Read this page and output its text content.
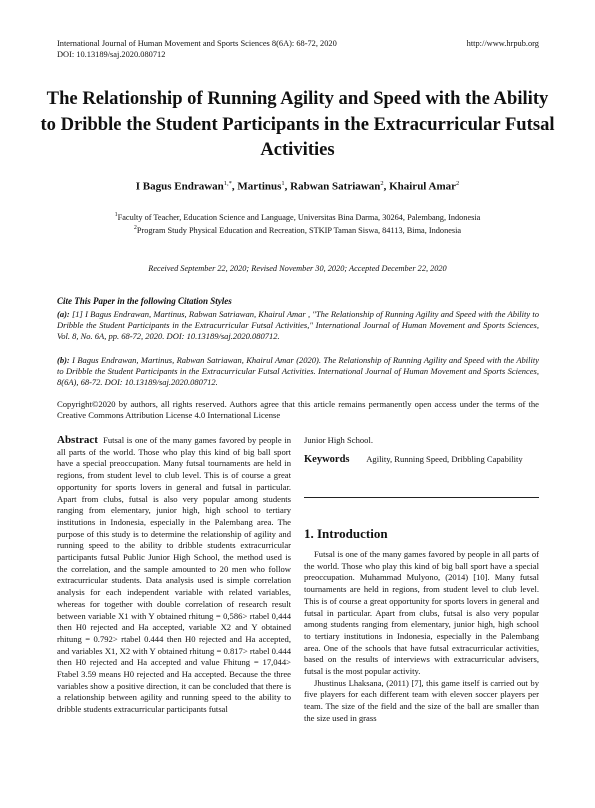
International Journal of Human Movement and Sports Sciences 8(6A): 68-72, 2020
DOI: 10.13189/saj.2020.080712
http://www.hrpub.org
The Relationship of Running Agility and Speed with the Ability to Dribble the Student Participants in the Extracurricular Futsal Activities
I Bagus Endrawan$^{1,*}$, Martinus$^1$, Rabwan Satriawan$^2$, Khairul Amar$^2$
$^1$Faculty of Teacher, Education Science and Language, Universitas Bina Darma, 30264, Palembang, Indonesia
$^2$Program Study Physical Education and Recreation, STKIP Taman Siswa, 84113, Bima, Indonesia
Received September 22, 2020; Revised November 30, 2020; Accepted December 22, 2020
Cite This Paper in the following Citation Styles
(a): [1] I Bagus Endrawan, Martinus, Rabwan Satriawan, Khairul Amar , "The Relationship of Running Agility and Speed with the Ability to Dribble the Student Participants in the Extracurricular Futsal Activities," International Journal of Human Movement and Sports Sciences, Vol. 8, No. 6A, pp. 68-72, 2020. DOI: 10.13189/saj.2020.080712.
(b): I Bagus Endrawan, Martinus, Rabwan Satriawan, Khairul Amar (2020). The Relationship of Running Agility and Speed with the Ability to Dribble the Student Participants in the Extracurricular Futsal Activities. International Journal of Human Movement and Sports Sciences, 8(6A), 68-72. DOI: 10.13189/saj.2020.080712.
Copyright©2020 by authors, all rights reserved. Authors agree that this article remains permanently open access under the terms of the Creative Commons Attribution License 4.0 International License
Abstract Futsal is one of the many games favored by people in all parts of the world. Those who play this kind of big ball sport have a special preoccupation. Many futsal tournaments are held in regions, from student level to club level. This is of course a great opportunity for sports lovers in general and futsal in particular. Apart from clubs, futsal is also very popular among students ranging from elementary, junior high, high school to tertiary institutions in Indonesia, especially in the Palembang area. The purpose of this study is to determine the relationship of agility and running speed to the ability to dribble students extracurricular participants futsal Public Junior High School, the method used is the correlation, and the sample amounted to 20 men who follow extracurricular students. Data analysis used is simple correlation analysis for each independent variable with related variables, whereas for together with double correlation of research result between variable X1 with Y obtained rhitung = 0,586> rtabel 0,444 then H0 rejected and Ha accepted, variable X2 and Y obtained rhitung = 0.792> rtabel 0.444 then H0 rejected and Ha accepted, and variables X1, X2 with Y obtained rhitung = 0.817> rtabel 0.444 then H0 rejected and Ha accepted and value Fhitung = 17,044> Ftabel 3.59 means H0 rejected and Ha accepted. Because the three variables show a positive direction, it can be concluded that there is a relationship between agility and running speed to the ability to dribble students extracurricular participants futsal
Junior High School.
Keywords Agility, Running Speed, Dribbling Capability
1. Introduction

Futsal is one of the many games favored by people in all parts of the world. Those who play this kind of big ball sport have a special preoccupation. Muhammad Mulyono, (2014) [10]. Many futsal tournaments are held in regions, from student level to club level. This is of course a great opportunity for sports lovers in general and futsal in particular. Apart from clubs, futsal is also very popular among students ranging from elementary, junior high, high school to tertiary institutions in Indonesia, especially in the Palembang area. One of the schools that have futsal extracurricular activities, based on the results of interviews with extracurricular advisers, futsal is the most popular activity.

Jhustinus Lhaksana, (2011) [7], this game itself is carried out by five players for each different team with eleven soccer players per team. The size of the field and the size of the ball are smaller than the size used in grass
